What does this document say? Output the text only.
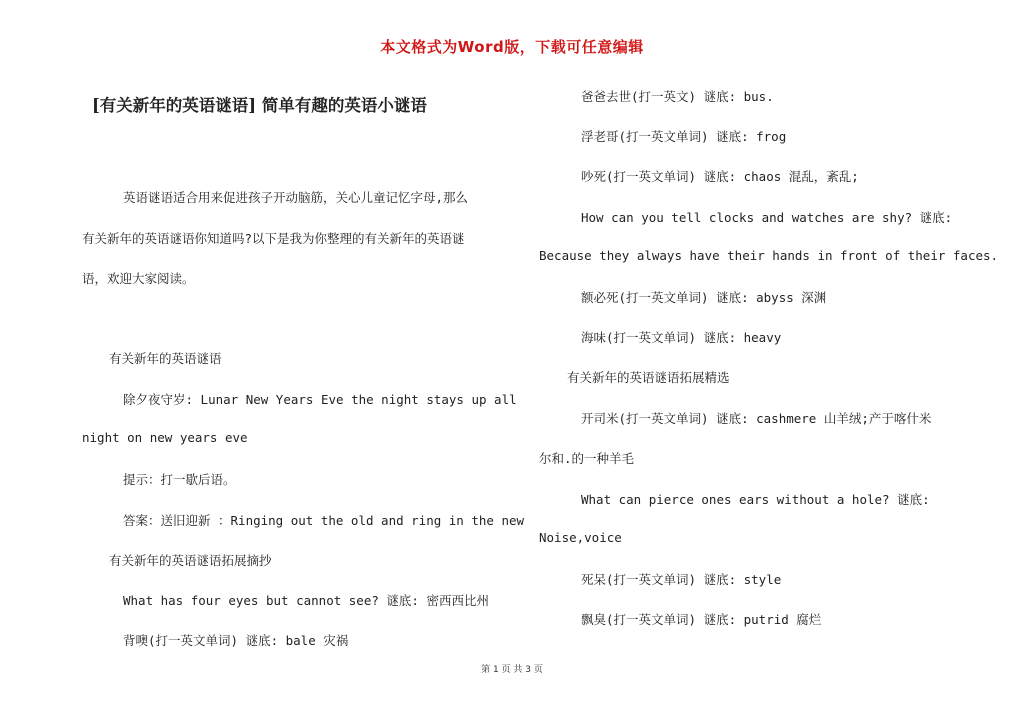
本文格式为Word版，下载可任意编辑
[有关新年的英语谜语] 简单有趣的英语小谜语
英语谜语适合用来促进孩子开动脑筋，关心儿童记忆字母,那么
有关新年的英语谜语你知道吗?以下是我为你整理的有关新年的英语谜
语，欢迎大家阅读。
有关新年的英语谜语
除夕夜守岁: Lunar New Years Eve the night stays up all
night on new years eve
提示：打一歇后语。
答案：送旧迎新 ：Ringing out the old and ring in the new
有关新年的英语谜语拓展摘抄
What has four eyes but cannot see? 谜底: 密西西比州
背噢(打一英文单词) 谜底: bale 灾祸
爸爸去世(打一英文) 谜底: bus.
浮老哥(打一英文单词) 谜底: frog
吵死(打一英文单词) 谜底: chaos 混乱，紊乱;
How can you tell clocks and watches are shy? 谜底:
Because they always have their hands in front of their faces.
额必死(打一英文单词) 谜底: abyss 深渊
海味(打一英文单词) 谜底: heavy
有关新年的英语谜语拓展精选
开司米(打一英文单词) 谜底: cashmere 山羊绒;产于喀什米
尔和.的一种羊毛
What can pierce ones ears without a hole? 谜底:
Noise,voice
死呆(打一英文单词) 谜底: style
飘臭(打一英文单词) 谜底: putrid 腐烂
第 1 页 共 3 页
